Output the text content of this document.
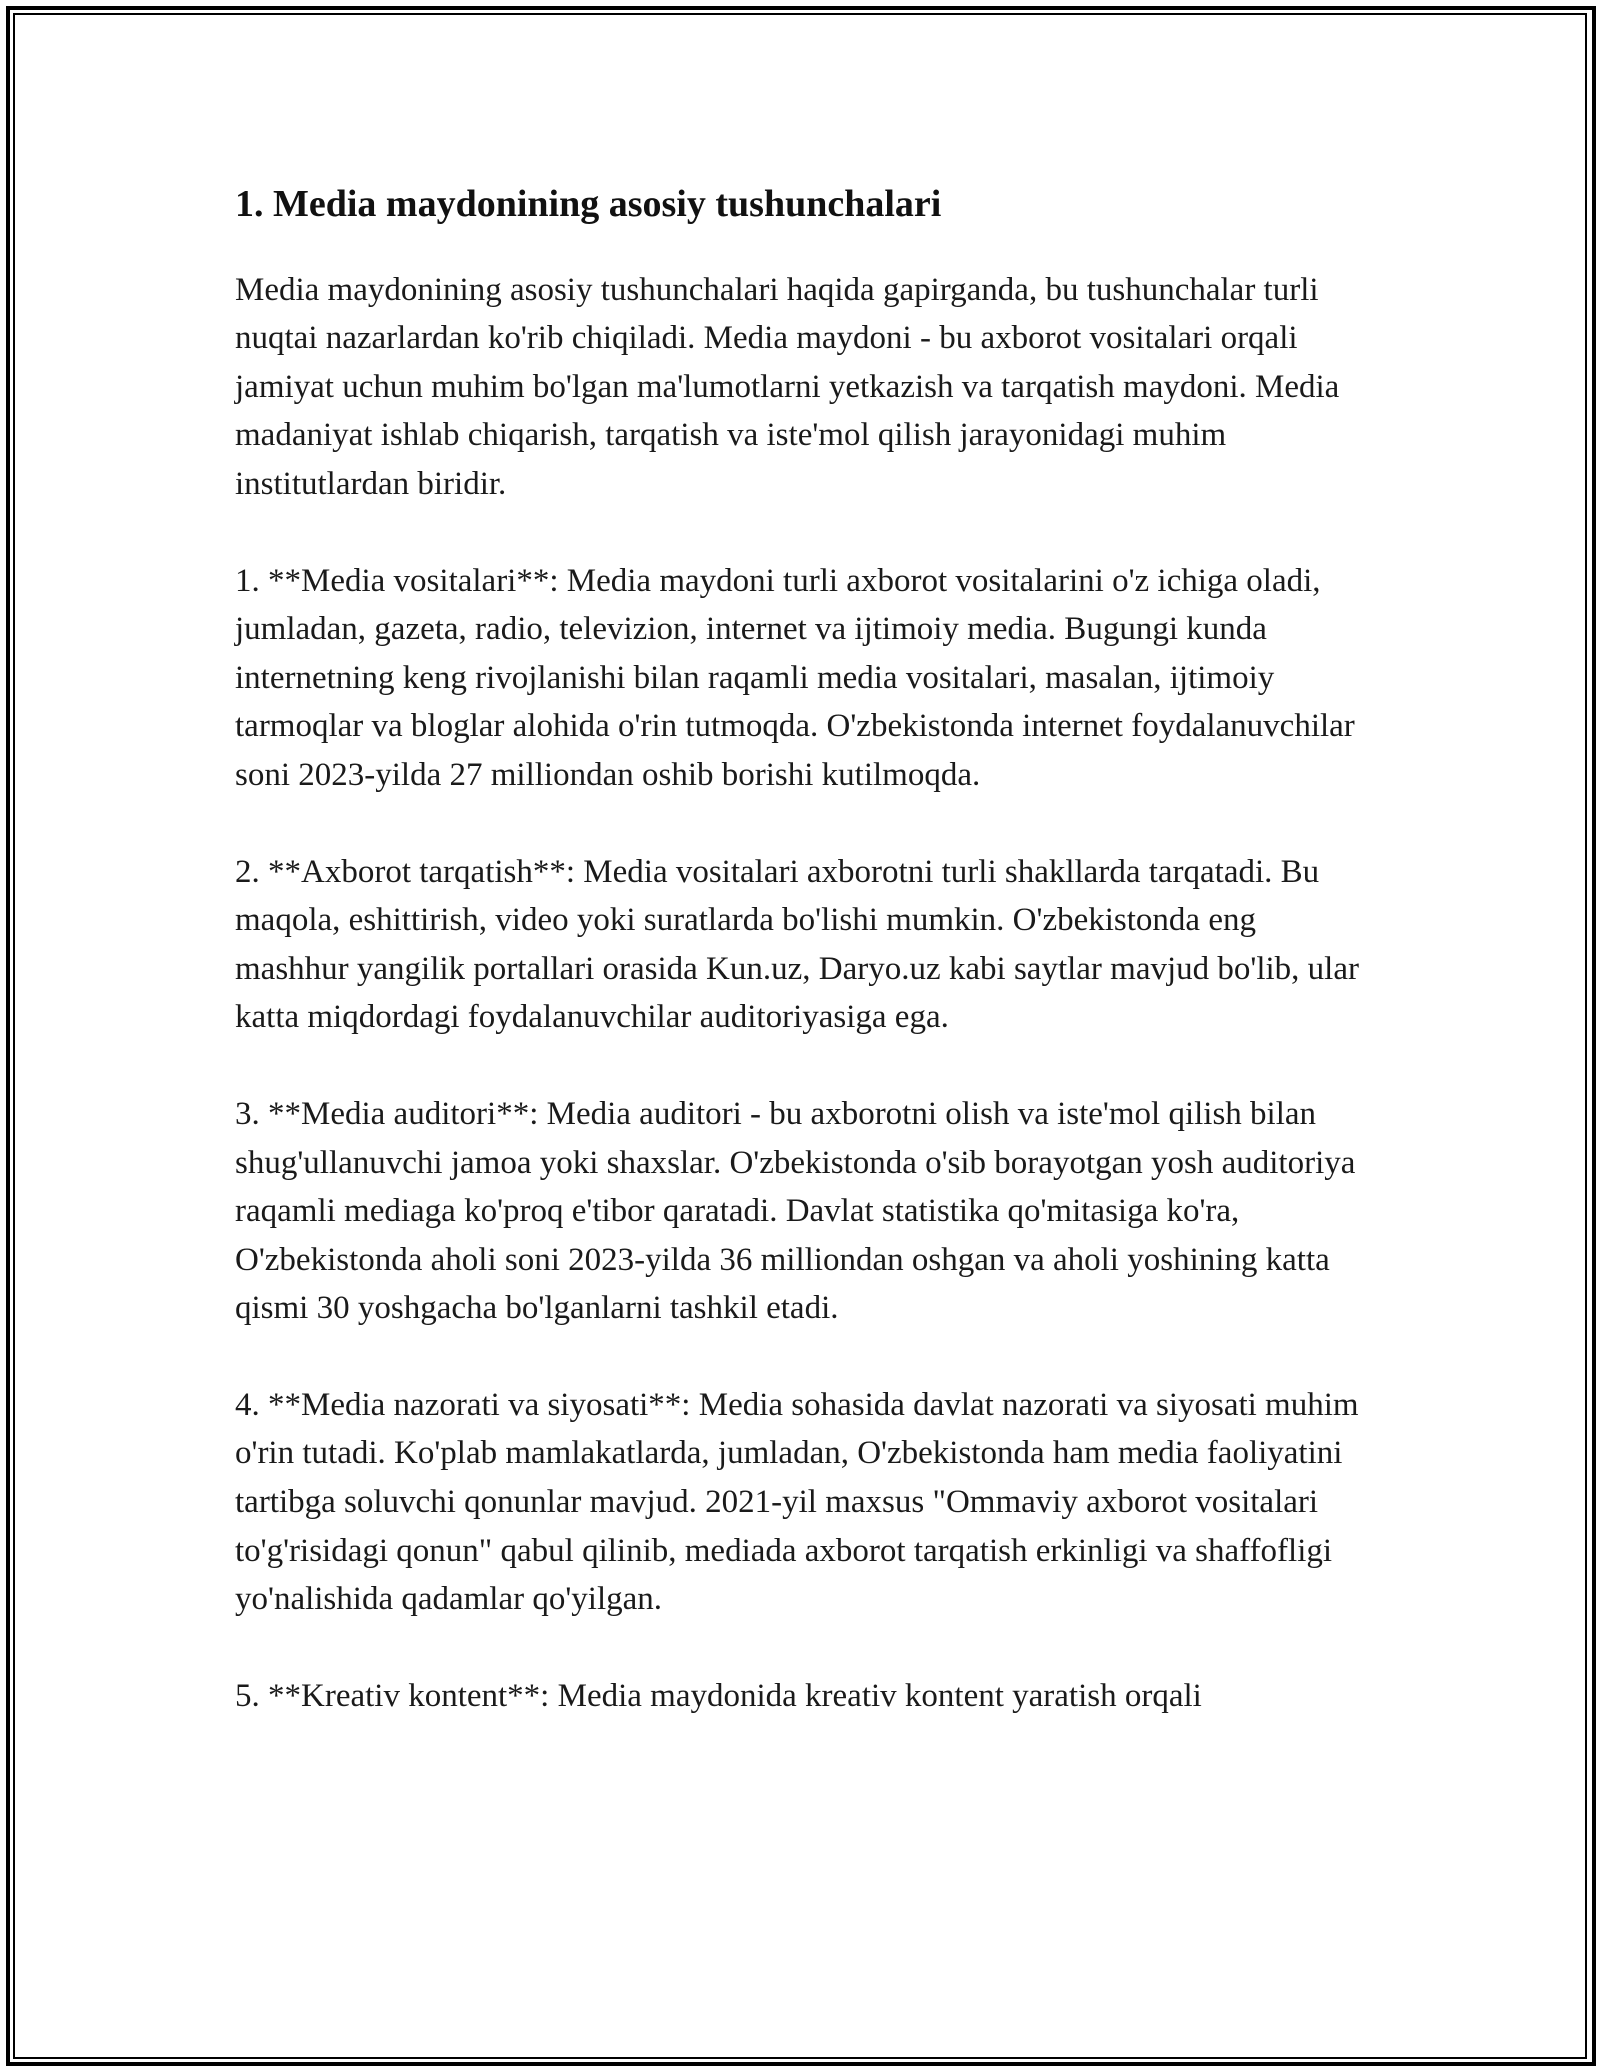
1. Media maydonining asosiy tushunchalari

Media maydonining asosiy tushunchalari haqida gapirganda, bu tushunchalar turli nuqtai nazarlardan ko'rib chiqiladi. Media maydoni - bu axborot vositalari orqali jamiyat uchun muhim bo'lgan ma'lumotlarni yetkazish va tarqatish maydoni. Media madaniyat ishlab chiqarish, tarqatish va iste'mol qilish jarayonidagi muhim institutlardan biridir.

1. **Media vositalari**: Media maydoni turli axborot vositalarini o'z ichiga oladi, jumladan, gazeta, radio, televizion, internet va ijtimoiy media. Bugungi kunda internetning keng rivojlanishi bilan raqamli media vositalari, masalan, ijtimoiy tarmoqlar va bloglar alohida o'rin tutmoqda. O'zbekistonda internet foydalanuvchilar soni 2023-yilda 27 milliondan oshib borishi kutilmoqda.

2. **Axborot tarqatish**: Media vositalari axborotni turli shakllarda tarqatadi. Bu maqola, eshittirish, video yoki suratlarda bo'lishi mumkin. O'zbekistonda eng mashhur yangilik portallari orasida Kun.uz, Daryo.uz kabi saytlar mavjud bo'lib, ular katta miqdordagi foydalanuvchilar auditoriyasiga ega.

3. **Media auditori**: Media auditori - bu axborotni olish va iste'mol qilish bilan shug'ullanuvchi jamoa yoki shaxslar. O'zbekistonda o'sib borayotgan yosh auditoriya raqamli mediaga ko'proq e'tibor qaratadi. Davlat statistika qo'mitasiga ko'ra, O'zbekistonda aholi soni 2023-yilda 36 milliondan oshgan va aholi yoshining katta qismi 30 yoshgacha bo'lganlarni tashkil etadi.

4. **Media nazorati va siyosati**: Media sohasida davlat nazorati va siyosati muhim o'rin tutadi. Ko'plab mamlakatlarda, jumladan, O'zbekistonda ham media faoliyatini tartibga soluvchi qonunlar mavjud. 2021-yil maxsus "Ommaviy axborot vositalari to'g'risidagi qonun" qabul qilinib, mediada axborot tarqatish erkinligi va shaffofligi yo'nalishida qadamlar qo'yilgan.

5. **Kreativ kontent**: Media maydonida kreativ kontent yaratish orqali
